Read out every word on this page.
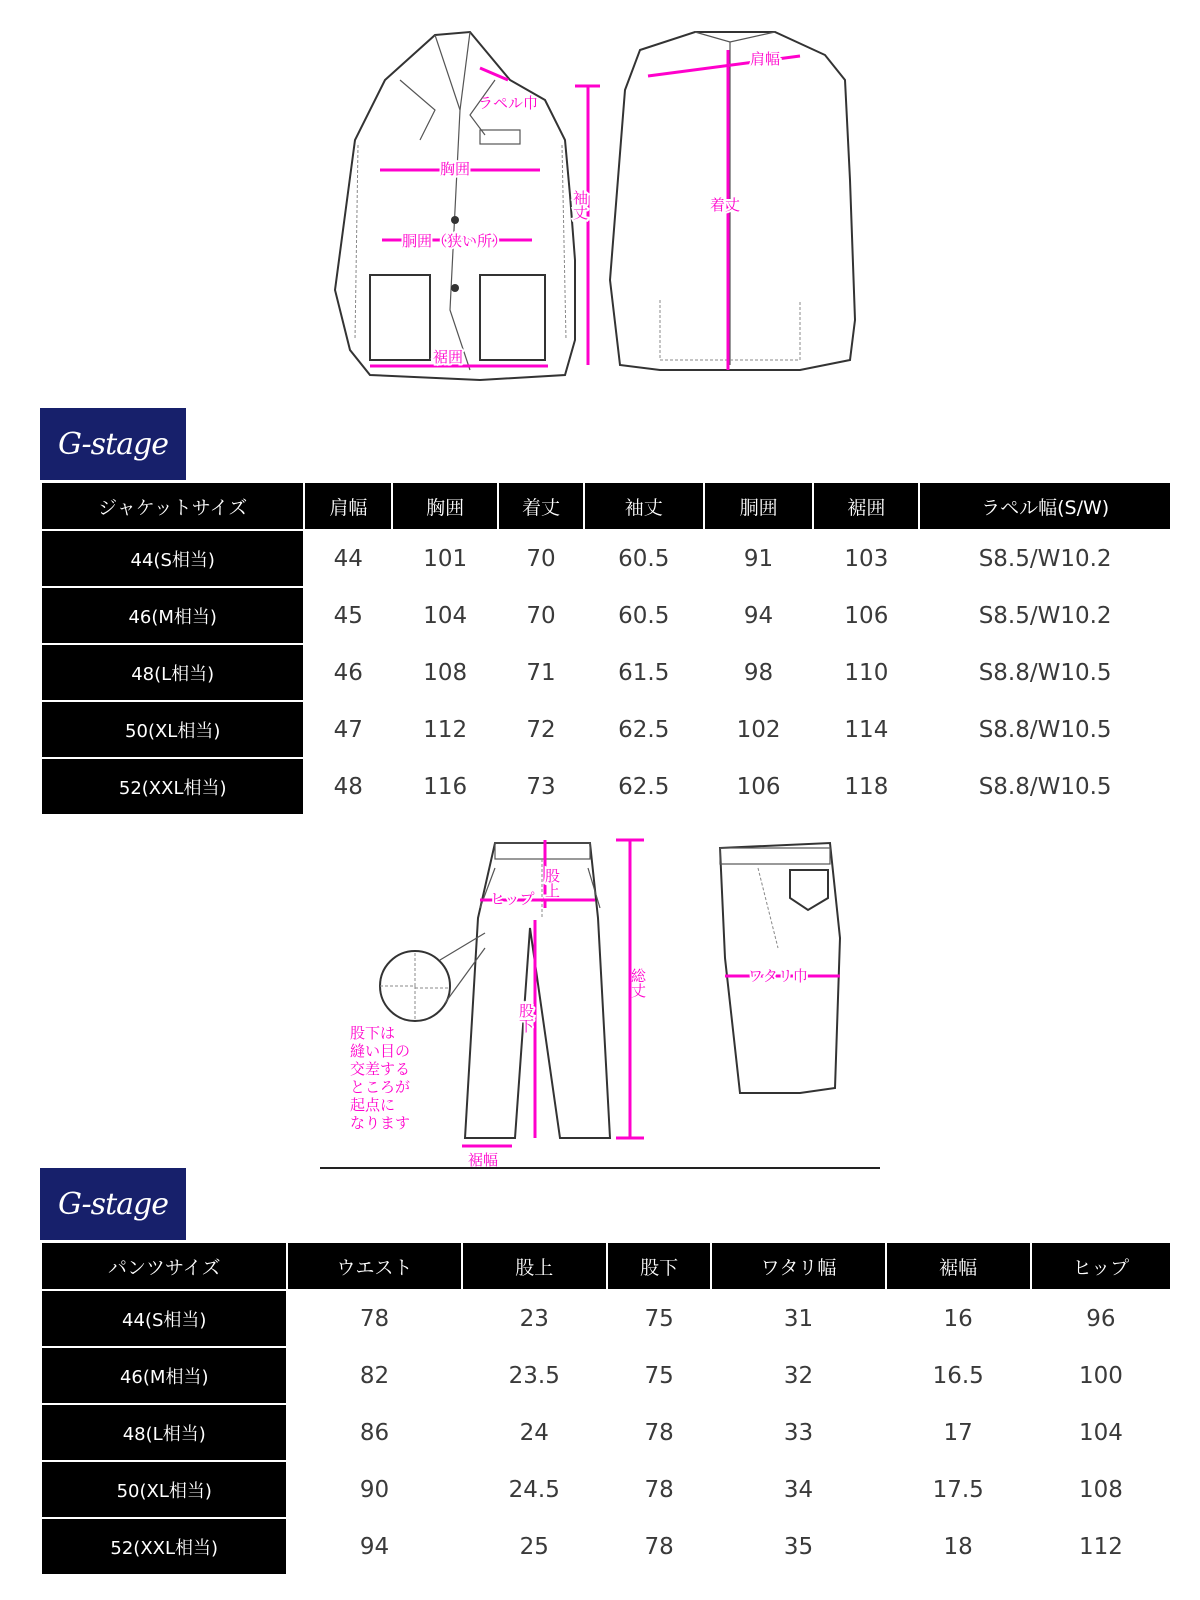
ラペル巾
胸囲
胴囲（狭い所）
裾囲
袖丈
肩幅
着丈
G-stage
ジャケットサイズ	肩幅	胸囲	着丈	袖丈	胴囲	裾囲	ラペル幅(S/W)
44(S相当)	44	101	70	60.5	91	103	S8.5/W10.2
46(M相当)	45	104	70	60.5	94	106	S8.5/W10.2
48(L相当)	46	108	71	61.5	98	110	S8.8/W10.5
50(XL相当)	47	112	72	62.5	102	114	S8.8/W10.5
52(XXL相当)	48	116	73	62.5	106	118	S8.8/W10.5
股上
ヒップ
股下
総丈	ワタリ巾
裾幅
股下は
縫い目の
交差する
ところが
起点に
なります
G-stage
パンツサイズ	ウエスト	股上	股下	ワタリ幅	裾幅	ヒップ
44(S相当)	78	23	75	31	16	96
46(M相当)	82	23.5	75	32	16.5	100
48(L相当)	86	24	78	33	17	104
50(XL相当)	90	24.5	78	34	17.5	108
52(XXL相当)	94	25	78	35	18	112
